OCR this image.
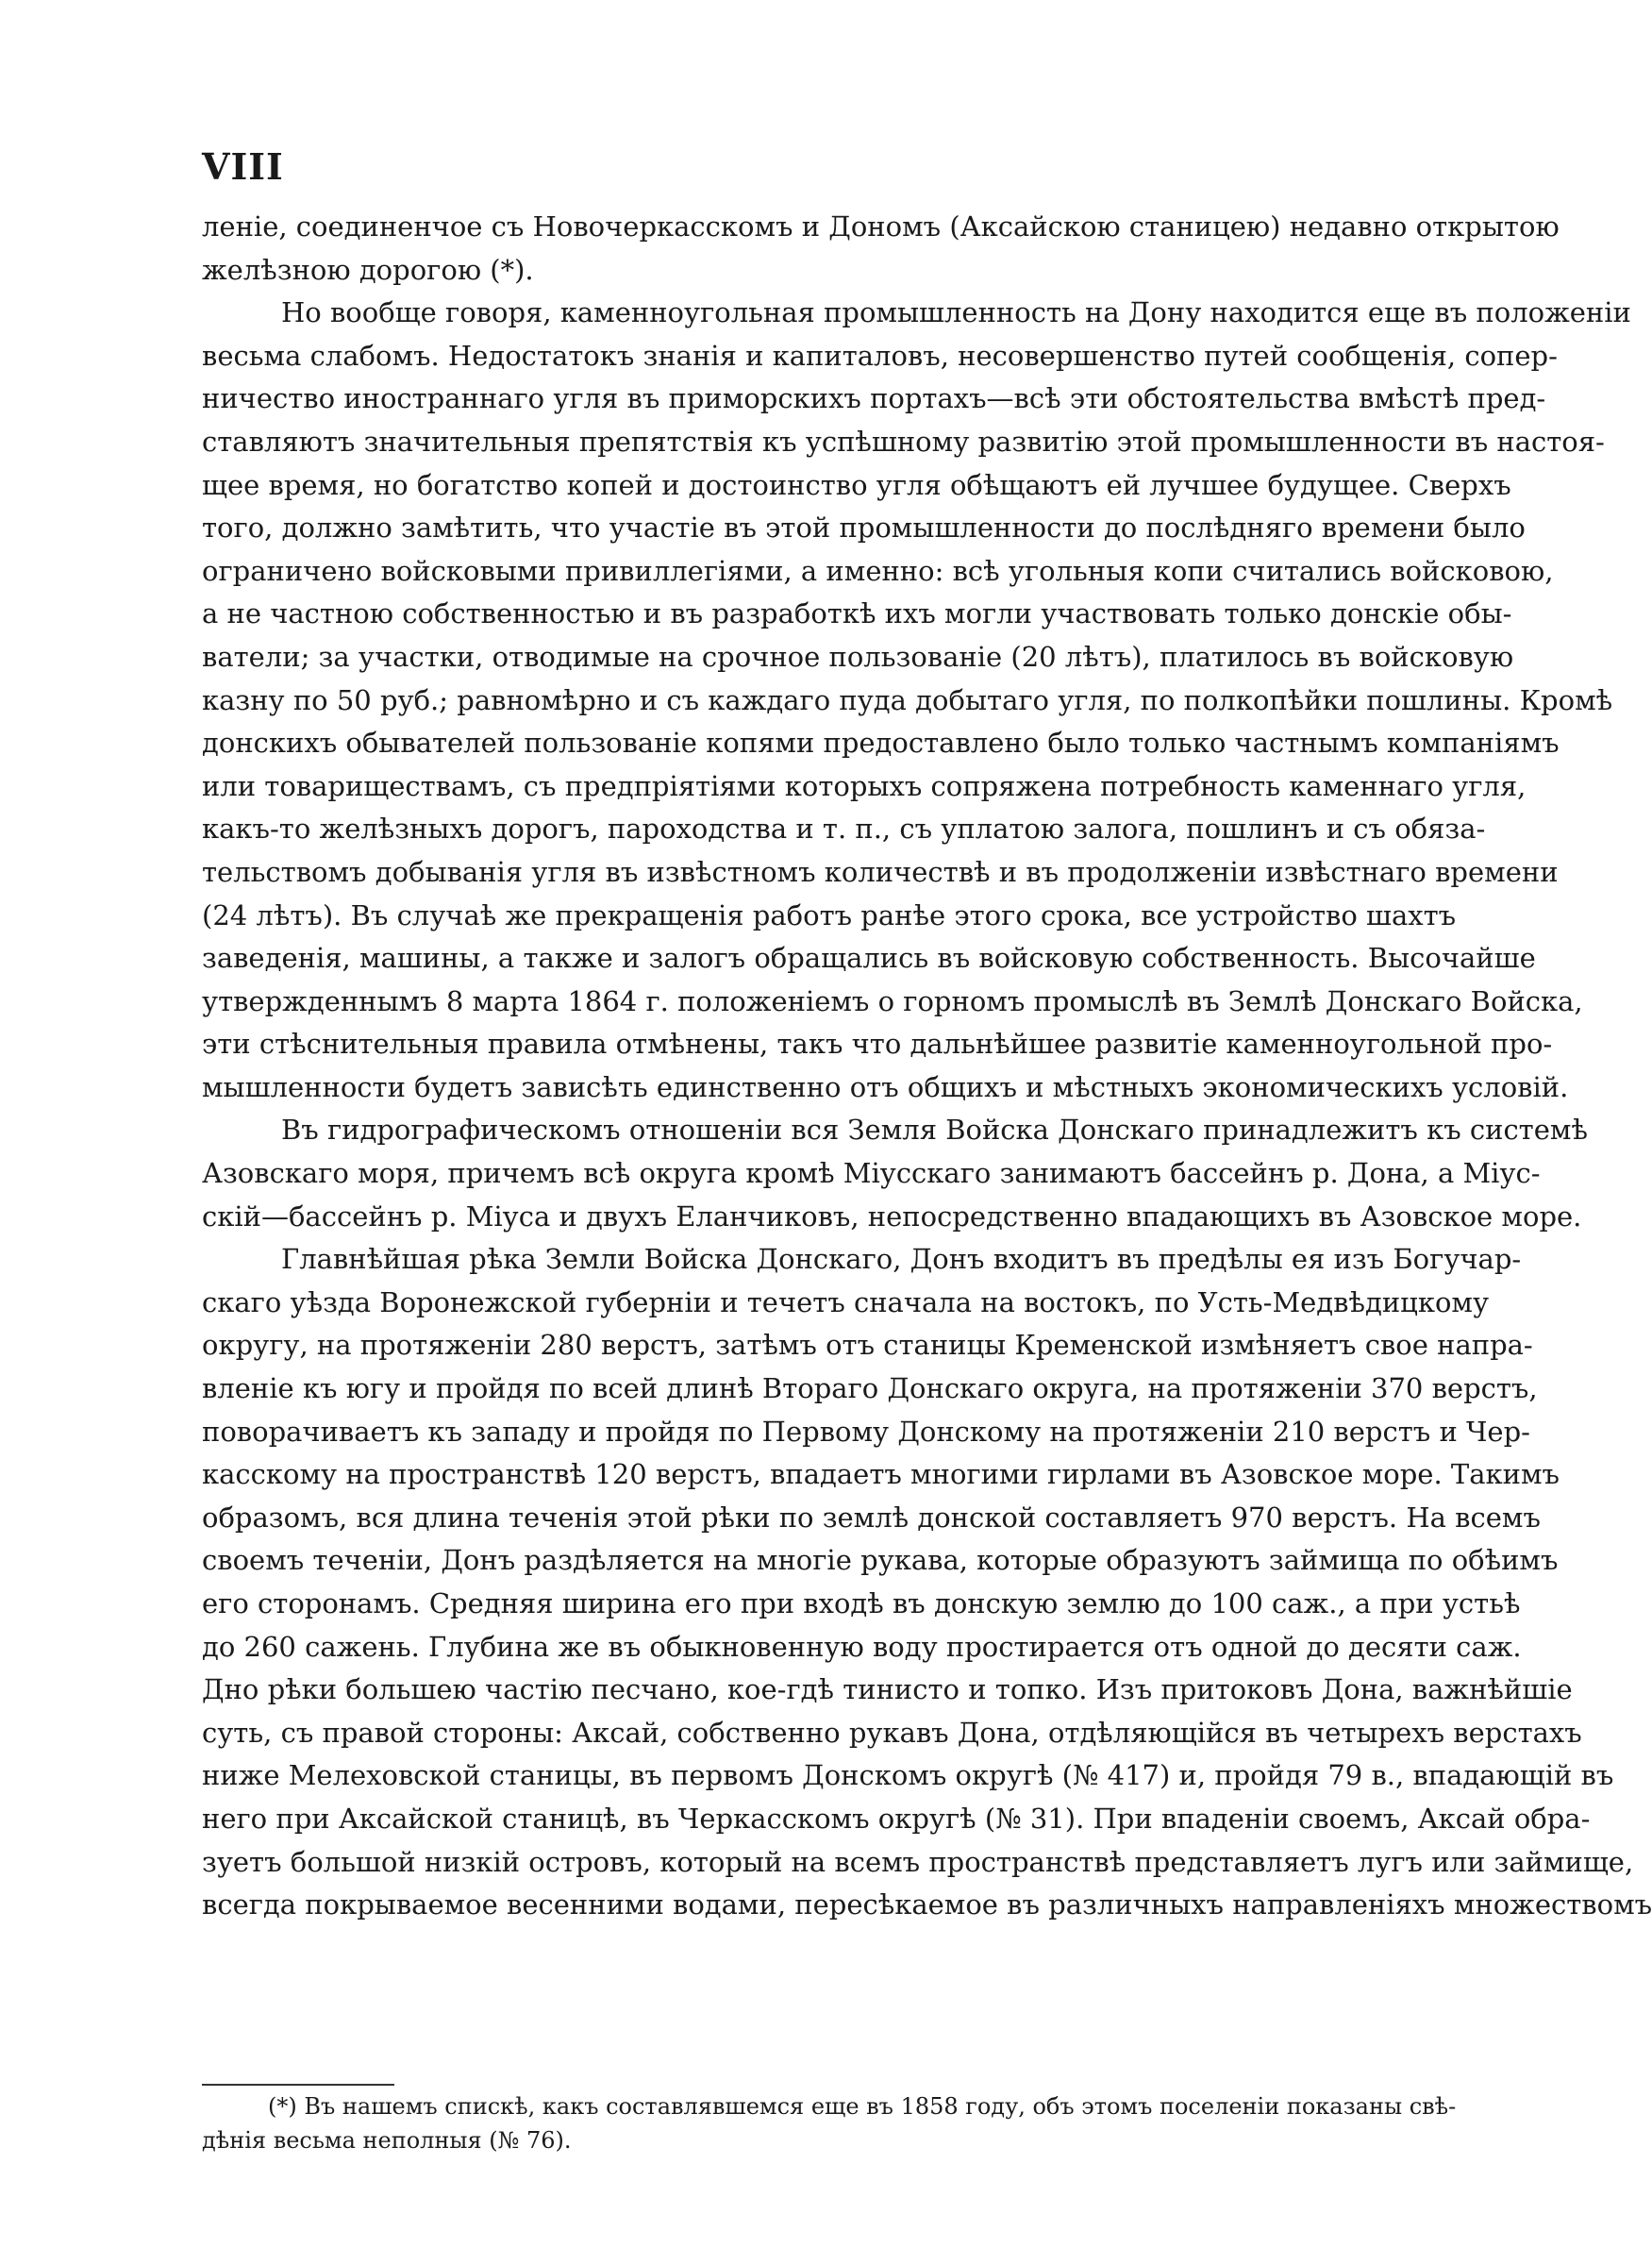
VIII
леніе, соединенчое съ Новочеркасскомъ и Дономъ (Аксайскою станицею) недавно открытою
желѣзною дорогою (*).
Но вообще говоря, каменноугольная промышленность на Дону находится еще въ положеніи
весьма слабомъ. Недостатокъ знанія и капиталовъ, несовершенство путей сообщенія, сопер-
ничество иностраннаго угля въ приморскихъ портахъ—всѣ эти обстоятельства вмѣстѣ пред-
ставляютъ значительныя препятствія къ успѣшному развитію этой промышленности въ настоя-
щее время, но богатство копей и достоинство угля обѣщаютъ ей лучшее будущее. Сверхъ
того, должно замѣтить, что участіе въ этой промышленности до послѣдняго времени было
ограничено войсковыми привиллегіями, а именно: всѣ угольныя копи считались войсковою,
а не частною собственностью и въ разработкѣ ихъ могли участвовать только донскіе обы-
ватели; за участки, отводимые на срочное пользованіе (20 лѣтъ), платилось въ войсковую
казну по 50 руб.; равномѣрно и съ каждаго пуда добытаго угля, по полкопѣйки пошлины. Кромѣ
донскихъ обывателей пользованіе копями предоставлено было только частнымъ компаніямъ
или товариществамъ, съ предпріятіями которыхъ сопряжена потребность каменнаго угля,
какъ-то желѣзныхъ дорогъ, пароходства и т. п., съ уплатою залога, пошлинъ и съ обяза-
тельствомъ добыванія угля въ извѣстномъ количествѣ и въ продолженіи извѣстнаго времени
(24 лѣтъ). Въ случаѣ же прекращенія работъ ранѣе этого срока, все устройство шахтъ
заведенія, машины, а также и залогъ обращались въ войсковую собственность. Высочайше
утвержденнымъ 8 марта 1864 г. положеніемъ о горномъ промыслѣ въ Землѣ Донскаго Войска,
эти стѣснительныя правила отмѣнены, такъ что дальнѣйшее развитіе каменноугольной про-
мышленности будетъ зависѣть единственно отъ общихъ и мѣстныхъ экономическихъ условій.
Въ гидрографическомъ отношеніи вся Земля Войска Донскаго принадлежитъ къ системѣ
Азовскаго моря, причемъ всѣ округа кромѣ Міусскаго занимаютъ бассейнъ р. Дона, а Міус-
скій—бассейнъ р. Міуса и двухъ Еланчиковъ, непосредственно впадающихъ въ Азовское море.
Главнѣйшая рѣка Земли Войска Донскаго, Донъ входитъ въ предѣлы ея изъ Богучар-
скаго уѣзда Воронежской губерніи и течетъ сначала на востокъ, по Усть-Медвѣдицкому
округу, на протяженіи 280 верстъ, затѣмъ отъ станицы Кременской измѣняетъ свое напра-
вленіе къ югу и пройдя по всей длинѣ Втораго Донскаго округа, на протяженіи 370 верстъ,
поворачиваетъ къ западу и пройдя по Первому Донскому на протяженіи 210 верстъ и Чер-
касскому на пространствѣ 120 верстъ, впадаетъ многими гирлами въ Азовское море. Такимъ
образомъ, вся длина теченія этой рѣки по землѣ донской составляетъ 970 верстъ. На всемъ
своемъ теченіи, Донъ раздѣляется на многіе рукава, которые образуютъ займища по обѣимъ
его сторонамъ. Средняя ширина его при входѣ въ донскую землю до 100 саж., а при устьѣ
до 260 сажень. Глубина же въ обыкновенную воду простирается отъ одной до десяти саж.
Дно рѣки большею частію песчано, кое-гдѣ тинисто и топко. Изъ притоковъ Дона, важнѣйшіе
суть, съ правой стороны: Аксай, собственно рукавъ Дона, отдѣляющійся въ четырехъ верстахъ
ниже Мелеховской станицы, въ первомъ Донскомъ округѣ (№ 417) и, пройдя 79 в., впадающій въ
него при Аксайской станицѣ, въ Черкасскомъ округѣ (№ 31). При впаденіи своемъ, Аксай обра-
зуетъ большой низкій островъ, который на всемъ пространствѣ представляетъ лугъ или займище,
всегда покрываемое весенними водами, пересѣкаемое въ различныхъ направленіяхъ множествомъ
(*) Въ нашемъ спискѣ, какъ составлявшемся еще въ 1858 году, объ этомъ поселеніи показаны свѣ-
дѣнія весьма неполныя (№ 76).
